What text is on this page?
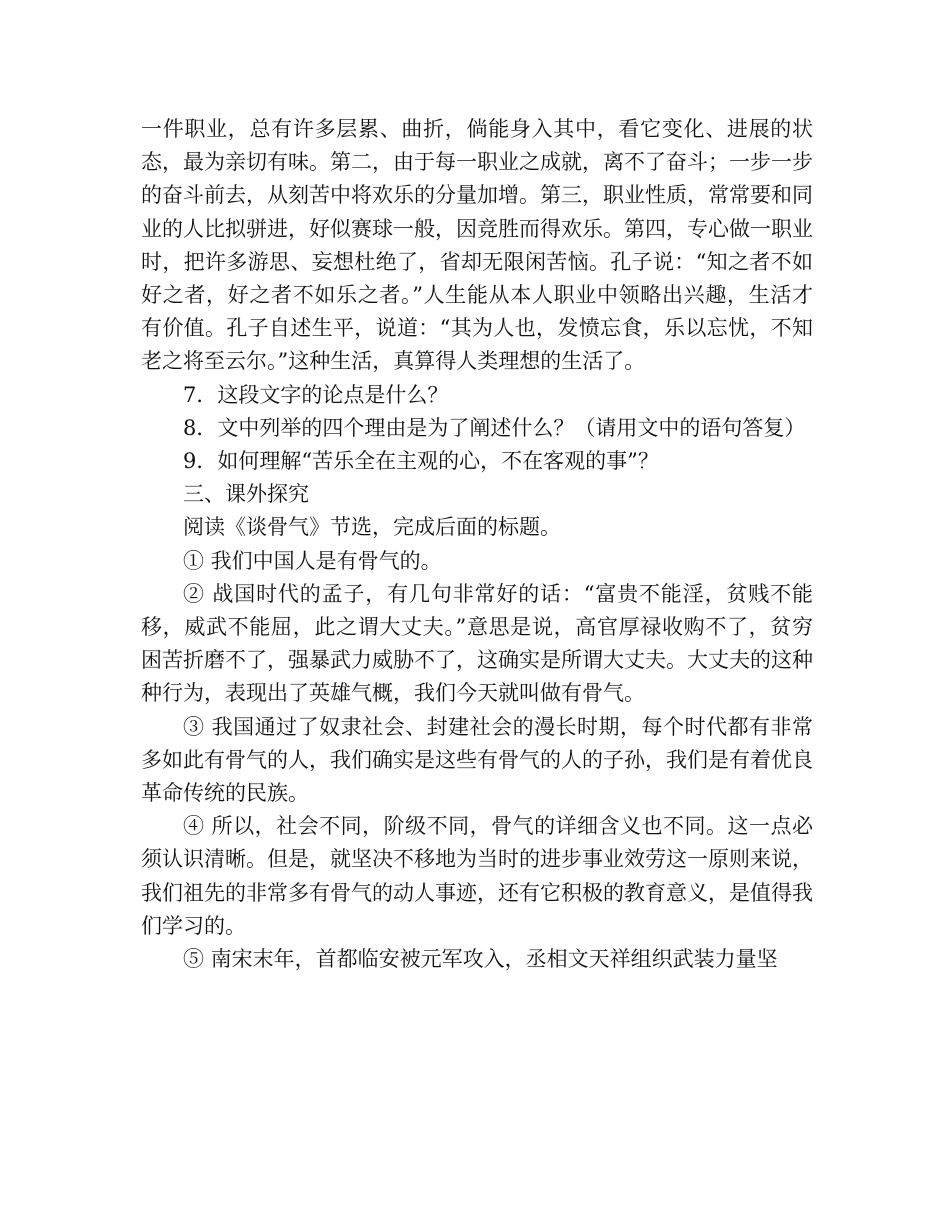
一件职业，总有许多层累、曲折，倘能身入其中，看它变化、进展的状态，最为亲切有味。第二，由于每一职业之成就，离不了奋斗；一步一步的奋斗前去，从刻苦中将欢乐的分量加增。第三，职业性质，常常要和同业的人比拟骈进，好似赛球一般，因竞胜而得欢乐。第四，专心做一职业时，把许多游思、妄想杜绝了，省却无限闲苦恼。孔子说：“知之者不如好之者，好之者不如乐之者。”人生能从本人职业中领略出兴趣，生活才有价值。孔子自述生平，说道：“其为人也，发愤忘食，乐以忘忧，不知老之将至云尔。”这种生活，真算得人类理想的生活了。

7．这段文字的论点是什么？

8．文中列举的四个理由是为了阐述什么？（请用文中的语句答复）

9．如何理解“苦乐全在主观的心，不在客观的事”？

三、课外探究

阅读《谈骨气》节选，完成后面的标题。

① 我们中国人是有骨气的。

② 战国时代的孟子，有几句非常好的话：“富贵不能淫，贫贱不能移，威武不能屈，此之谓大丈夫。”意思是说，高官厚禄收购不了，贫穷困苦折磨不了，强暴武力威胁不了，这确实是所谓大丈夫。大丈夫的这种种行为，表现出了英雄气概，我们今天就叫做有骨气。

③ 我国通过了奴隶社会、封建社会的漫长时期，每个时代都有非常多如此有骨气的人，我们确实是这些有骨气的人的子孙，我们是有着优良革命传统的民族。

④ 所以，社会不同，阶级不同，骨气的详细含义也不同。这一点必须认识清晰。但是，就坚决不移地为当时的进步事业效劳这一原则来说，我们祖先的非常多有骨气的动人事迹，还有它积极的教育意义，是值得我们学习的。

⑤ 南宋末年，首都临安被元军攻入，丞相文天祥组织武装力量坚
